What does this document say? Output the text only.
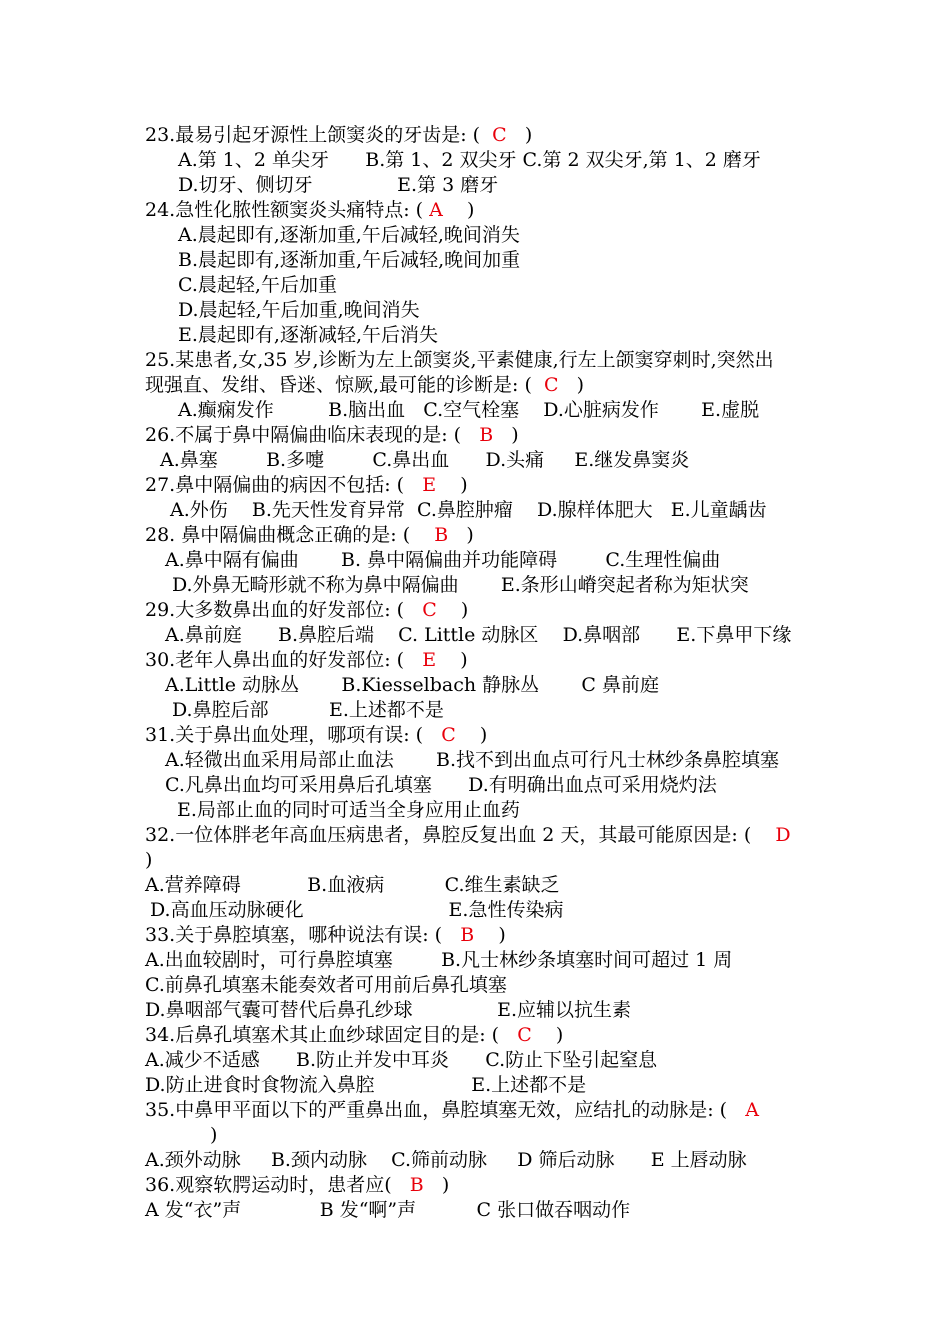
23.最易引起牙源性上颌窦炎的牙齿是: (  C   )
A.第 1、2 单尖牙      B.第 1、2 双尖牙 C.第 2 双尖牙,第 1、2 磨牙
D.切牙、侧切牙              E.第 3 磨牙
24.急性化脓性额窦炎头痛特点: ( A    )
A.晨起即有,逐渐加重,午后减轻,晚间消失
B.晨起即有,逐渐加重,午后减轻,晚间加重
C.晨起轻,午后加重
D.晨起轻,午后加重,晚间消失
E.晨起即有,逐渐减轻,午后消失
25.某患者,女,35 岁,诊断为左上颌窦炎,平素健康,行左上颌窦穿刺时,突然出
现强直、发绀、昏迷、惊厥,最可能的诊断是: (  C   )
A.癫痫发作         B.脑出血   C.空气栓塞    D.心脏病发作       E.虚脱
26.不属于鼻中隔偏曲临床表现的是: (   B   )
A.鼻塞        B.多嚏        C.鼻出血      D.头痛     E.继发鼻窦炎
27.鼻中隔偏曲的病因不包括: (   E    )
A.外伤    B.先天性发育异常  C.鼻腔肿瘤    D.腺样体肥大   E.儿童龋齿
28. 鼻中隔偏曲概念正确的是: (    B   )
A.鼻中隔有偏曲       B. 鼻中隔偏曲并功能障碍        C.生理性偏曲
D.外鼻无畸形就不称为鼻中隔偏曲       E.条形山嵴突起者称为矩状突
29.大多数鼻出血的好发部位: (   C    )
A.鼻前庭      B.鼻腔后端    C. Little 动脉区    D.鼻咽部      E.下鼻甲下缘
30.老年人鼻出血的好发部位: (   E    )
A.Little 动脉丛       B.Kiesselbach 静脉丛       C 鼻前庭
D.鼻腔后部          E.上述都不是
31.关于鼻出血处理，哪项有误: (   C    )
A.轻微出血采用局部止血法       B.找不到出血点可行凡士林纱条鼻腔填塞
C.凡鼻出血均可采用鼻后孔填塞      D.有明确出血点可采用烧灼法
E.局部止血的同时可适当全身应用止血药
32.一位体胖老年高血压病患者，鼻腔反复出血 2 天，其最可能原因是: (    D
)
A.营养障碍           B.血液病          C.维生素缺乏
D.高血压动脉硬化                        E.急性传染病
33.关于鼻腔填塞，哪种说法有误: (   B    )
A.出血较剧时，可行鼻腔填塞        B.凡士林纱条填塞时间可超过 1 周
C.前鼻孔填塞未能奏效者可用前后鼻孔填塞
D.鼻咽部气囊可替代后鼻孔纱球              E.应辅以抗生素
34.后鼻孔填塞术其止血纱球固定目的是: (   C    )
A.减少不适感      B.防止并发中耳炎      C.防止下坠引起窒息
D.防止进食时食物流入鼻腔                E.上述都不是
35.中鼻甲平面以下的严重鼻出血，鼻腔填塞无效，应结扎的动脉是: (   A
)
A.颈外动脉     B.颈内动脉    C.筛前动脉     D 筛后动脉      E 上唇动脉
36.观察软腭运动时，患者应(   B   )
A 发“衣”声             B 发“啊”声          C 张口做吞咽动作
